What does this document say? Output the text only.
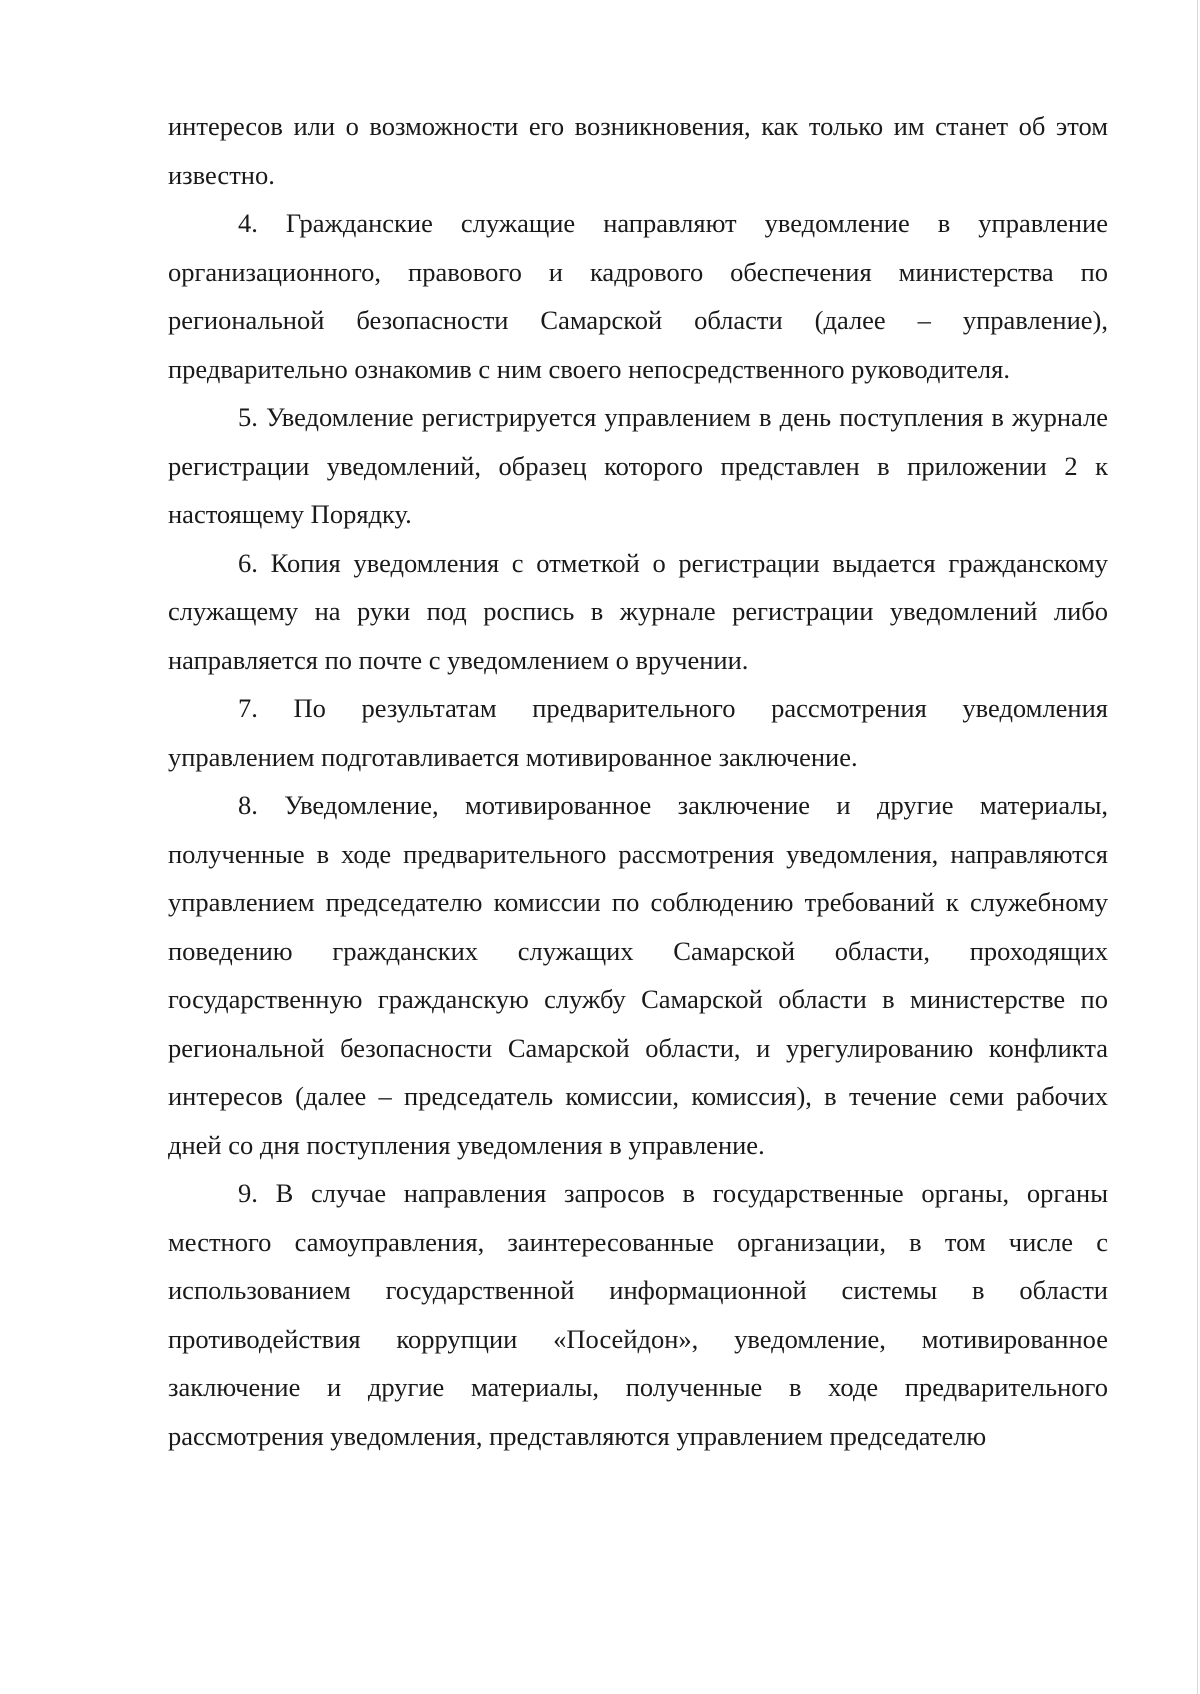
интересов или о возможности его возникновения, как только им станет об этом известно.

4. Гражданские служащие направляют уведомление в управление организационного, правового и кадрового обеспечения министерства по региональной безопасности Самарской области (далее – управление), предварительно ознакомив с ним своего непосредственного руководителя.

5. Уведомление регистрируется управлением в день поступления в журнале регистрации уведомлений, образец которого представлен в приложении 2 к настоящему Порядку.

6. Копия уведомления с отметкой о регистрации выдается гражданскому служащему на руки под роспись в журнале регистрации уведомлений либо направляется по почте с уведомлением о вручении.

7. По результатам предварительного рассмотрения уведомления управлением подготавливается мотивированное заключение.

8. Уведомление, мотивированное заключение и другие материалы, полученные в ходе предварительного рассмотрения уведомления, направляются управлением председателю комиссии по соблюдению требований к служебному поведению гражданских служащих Самарской области, проходящих государственную гражданскую службу Самарской области в министерстве по региональной безопасности Самарской области, и урегулированию конфликта интересов (далее – председатель комиссии, комиссия), в течение семи рабочих дней со дня поступления уведомления в управление.

9. В случае направления запросов в государственные органы, органы местного самоуправления, заинтересованные организации, в том числе с использованием государственной информационной системы в области противодействия коррупции «Посейдон», уведомление, мотивированное заключение и другие материалы, полученные в ходе предварительного рассмотрения уведомления, представляются управлением председателю
